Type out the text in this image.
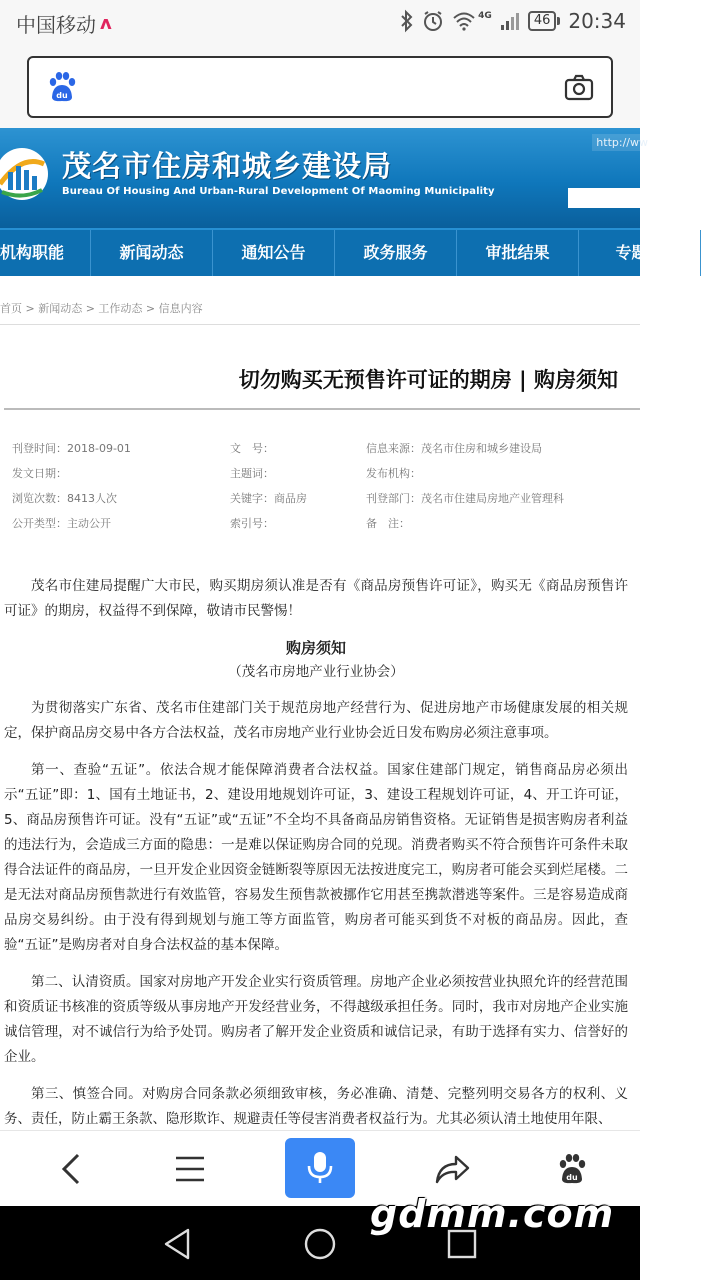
中国移动 ʌ	4G	46 20:34
du
茂名市住房和城乡建设局
Bureau Of Housing And Urban-Rural Development Of Maoming Municipality
http://ww
机构职能	新闻动态	通知公告	政务服务	审批结果	专题专
首页 > 新闻动态 > 工作动态 > 信息内容
切勿购买无预售许可证的期房 | 购房须知
刊登时间：2018-09-01	文　号：	信息来源：茂名市住房和城乡建设局
发文日期：	主题词：	发布机构：
浏览次数：8413人次	关键字：商品房	刊登部门：茂名市住建局房地产业管理科
公开类型：主动公开	索引号：	备　注：

茂名市住建局提醒广大市民，购买期房须认准是否有《商品房预售许可证》，购买无《商品房预售许可证》的期房，权益得不到保障，敬请市民警惕！

购房须知

（茂名市房地产业行业协会）

为贯彻落实广东省、茂名市住建部门关于规范房地产经营行为、促进房地产市场健康发展的相关规定，保护商品房交易中各方合法权益，茂名市房地产业行业协会近日发布购房必须注意事项。

第一、查验“五证”。依法合规才能保障消费者合法权益。国家住建部门规定，销售商品房必须出示“五证”即：1、国有土地证书，2、建设用地规划许可证，3、建设工程规划许可证，4、开工许可证，5、商品房预售许可证。没有“五证”或“五证”不全均不具备商品房销售资格。无证销售是损害购房者利益的违法行为，会造成三方面的隐患：一是难以保证购房合同的兑现。消费者购买不符合预售许可条件未取得合法证件的商品房，一旦开发企业因资金链断裂等原因无法按进度完工，购房者可能会买到烂尾楼。二是无法对商品房预售款进行有效监管，容易发生预售款被挪作它用甚至携款潜逃等案件。三是容易造成商品房交易纠纷。由于没有得到规划与施工等方面监管，购房者可能买到货不对板的商品房。因此，查验“五证”是购房者对自身合法权益的基本保障。

第二、认清资质。国家对房地产开发企业实行资质管理。房地产企业必须按营业执照允许的经营范围和资质证书核准的资质等级从事房地产开发经营业务，不得越级承担任务。同时，我市对房地产企业实施诚信管理，对不诚信行为给予处罚。购房者了解开发企业资质和诚信记录，有助于选择有实力、信誉好的企业。

第三、慎签合同。对购房合同条款必须细致审核，务必准确、清楚、完整列明交易各方的权利、义务、责任，防止霸王条款、隐形欺诈、规避责任等侵害消费者权益行为。尤其必须认清土地使用年限、

du
gdmm.com
